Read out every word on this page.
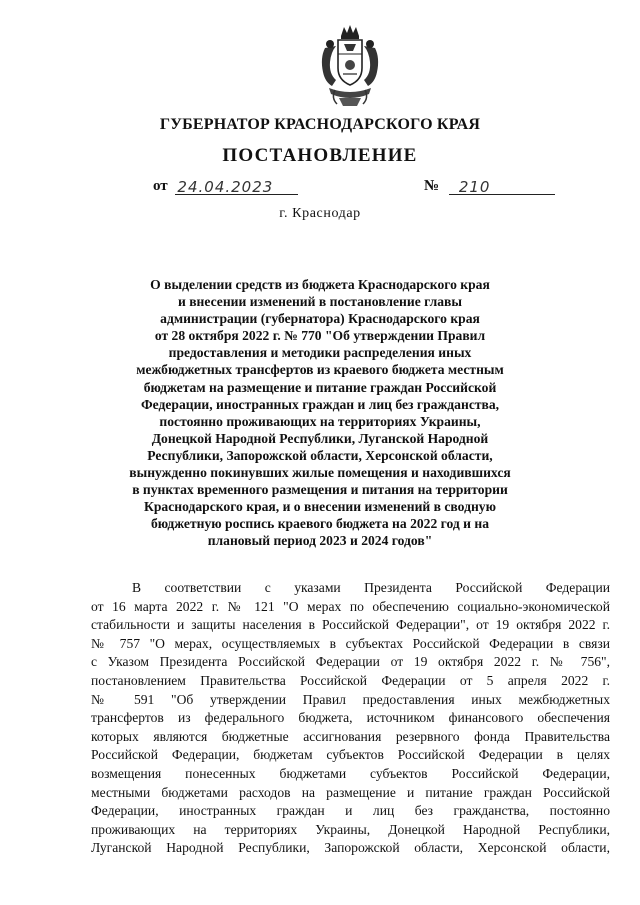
ГУБЕРНАТОР КРАСНОДАРСКОГО КРАЯ
ПОСТАНОВЛЕНИЕ
от 24.04.2023	№ 210
г. Краснодар
О выделении средств из бюджета Краснодарского края
и внесении изменений в постановление главы
администрации (губернатора) Краснодарского края
от 28 октября 2022 г. № 770 "Об утверждении Правил
предоставления и методики распределения иных
межбюджетных трансфертов из краевого бюджета местным
бюджетам на размещение и питание граждан Российской
Федерации, иностранных граждан и лиц без гражданства,
постоянно проживающих на территориях Украины,
Донецкой Народной Республики, Луганской Народной
Республики, Запорожской области, Херсонской области,
вынужденно покинувших жилые помещения и находившихся
в пунктах временного размещения и питания на территории
Краснодарского края, и о внесении изменений в сводную
бюджетную роспись краевого бюджета на 2022 год и на
плановый период 2023 и 2024 годов"
В соответствии с указами Президента Российской Федерации
от 16 марта 2022 г. № 121 "О мерах по обеспечению социально-экономической
стабильности и защиты населения в Российской Федерации", от 19 октября 2022 г.
№ 757 "О мерах, осуществляемых в субъектах Российской Федерации в связи
с Указом Президента Российской Федерации от 19 октября 2022 г. № 756",
постановлением Правительства Российской Федерации от 5 апреля 2022 г.
№ 591 "Об утверждении Правил предоставления иных межбюджетных
трансфертов из федерального бюджета, источником финансового обеспечения
которых являются бюджетные ассигнования резервного фонда Правительства
Российской Федерации, бюджетам субъектов Российской Федерации в целях
возмещения понесенных бюджетами субъектов Российской Федерации,
местными бюджетами расходов на размещение и питание граждан Российской
Федерации, иностранных граждан и лиц без гражданства, постоянно
проживающих на территориях Украины, Донецкой Народной Республики,
Луганской Народной Республики, Запорожской области, Херсонской области,
